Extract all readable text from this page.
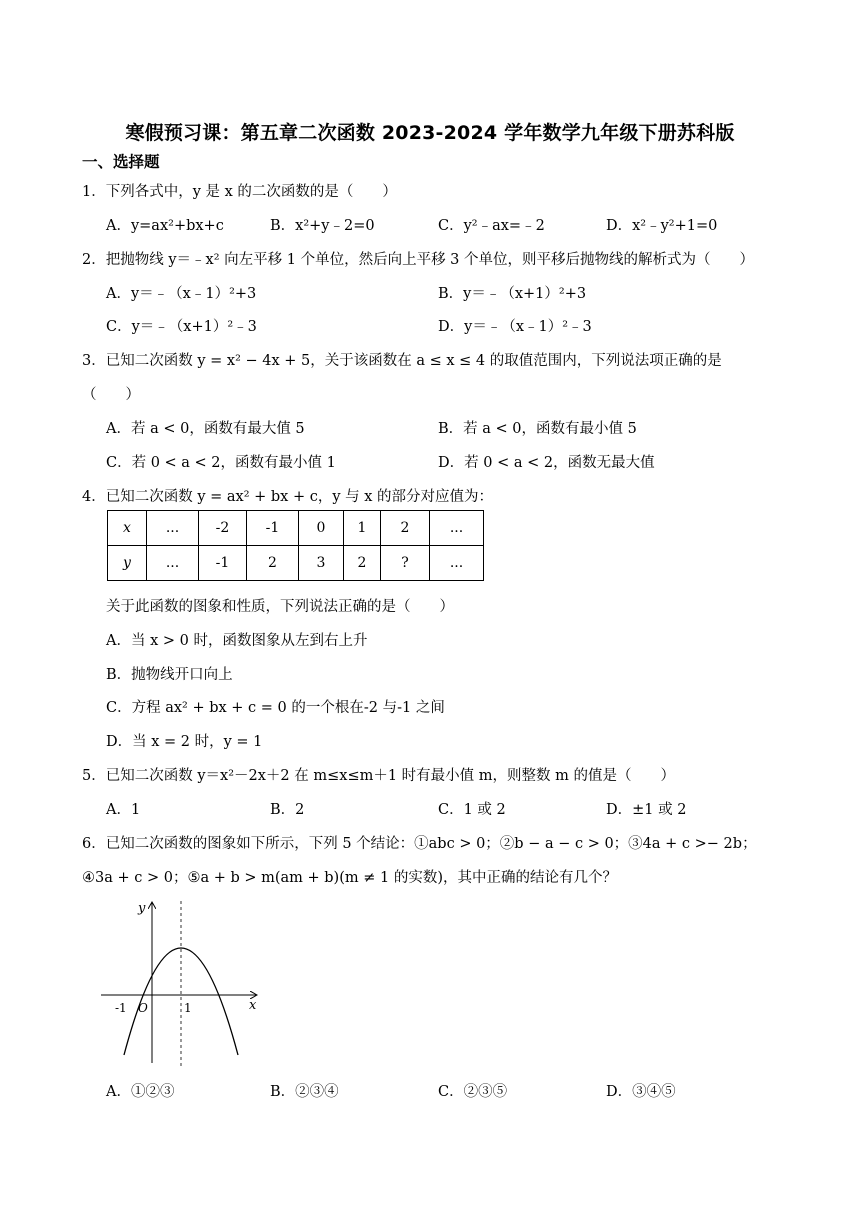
寒假预习课：第五章二次函数 2023-2024 学年数学九年级下册苏科版
一、选择题
1．下列各式中，y 是 x 的二次函数的是（　　）
A．y=ax²+bx+c	B．x²+y﹣2=0	C．y²﹣ax=﹣2	D．x²﹣y²+1=0
2．把抛物线 y＝﹣x² 向左平移 1 个单位，然后向上平移 3 个单位，则平移后抛物线的解析式为（　　）
A．y＝﹣（x﹣1）²+3	B．y＝﹣（x+1）²+3
C．y＝﹣（x+1）²﹣3	D．y＝﹣（x﹣1）²﹣3
3．已知二次函数 y = x² − 4x + 5，关于该函数在 a ≤ x ≤ 4 的取值范围内，下列说法项正确的是
（　　）
A．若 a < 0，函数有最大值 5	B．若 a < 0，函数有最小值 5
C．若 0 < a < 2，函数有最小值 1	D．若 0 < a < 2，函数无最大值
4．已知二次函数 y = ax² + bx + c，y 与 x 的部分对应值为：
x	...	-2	-1	0	1	2	...
y	...	-1	2	3	2	?	...
关于此函数的图象和性质，下列说法正确的是（　　）
A．当 x > 0 时，函数图象从左到右上升
B．抛物线开口向上
C．方程 ax² + bx + c = 0 的一个根在-2 与-1 之间
D．当 x = 2 时，y = 1
5．已知二次函数 y＝x²－2x＋2 在 m≤x≤m＋1 时有最小值 m，则整数 m 的值是（　　）
A．1	B．2	C．1 或 2	D．±1 或 2
6．已知二次函数的图象如下所示，下列 5 个结论：①abc > 0；②b − a − c > 0；③4a + c >− 2b；
④3a + c > 0；⑤a + b > m(am + b)(m ≠ 1 的实数)，其中正确的结论有几个？
y
x
-1 O	1
A．①②③	B．②③④	C．②③⑤	D．③④⑤
